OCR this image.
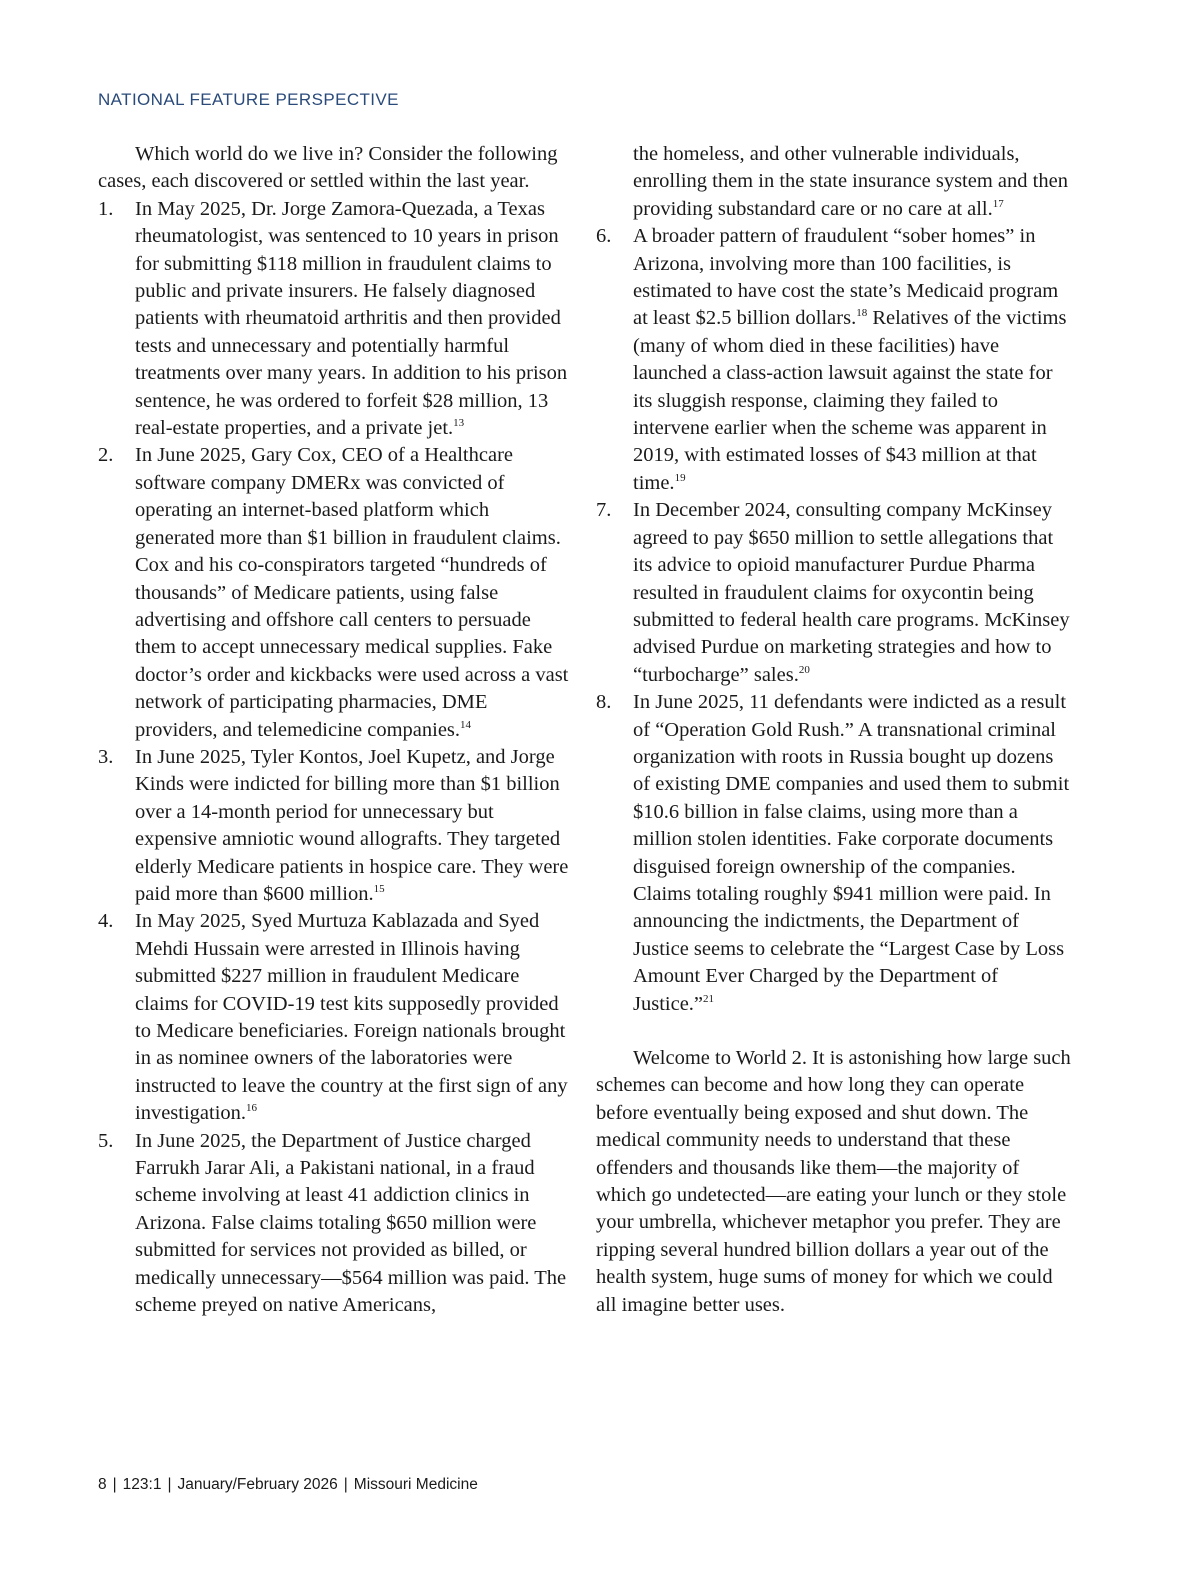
NATIONAL FEATURE PERSPECTIVE

Which world do we live in? Consider the following cases, each discovered or settled within the last year.

1.	In May 2025, Dr. Jorge Zamora-Quezada, a Texas rheumatologist, was sentenced to 10 years in prison for submitting $118 million in fraudulent claims to public and private insurers. He falsely diagnosed patients with rheumatoid arthritis and then provided tests and unnecessary and potentially harmful treatments over many years. In addition to his prison sentence, he was ordered to forfeit $28 million, 13 real-estate properties, and a private jet.$^{13}$
2.	In June 2025, Gary Cox, CEO of a Healthcare software company DMERx was convicted of operating an internet-based platform which generated more than $1 billion in fraudulent claims. Cox and his co-conspirators targeted “hundreds of thousands” of Medicare patients, using false advertising and offshore call centers to persuade them to accept unnecessary medical supplies. Fake doctor’s order and kickbacks were used across a vast network of participating pharmacies, DME providers, and telemedicine companies.$^{14}$
3.	In June 2025, Tyler Kontos, Joel Kupetz, and Jorge Kinds were indicted for billing more than $1 billion over a 14-month period for unnecessary but expensive amniotic wound allografts. They targeted elderly Medicare patients in hospice care. They were paid more than $600 million.$^{15}$
4.	In May 2025, Syed Murtuza Kablazada and Syed Mehdi Hussain were arrested in Illinois having submitted $227 million in fraudulent Medicare claims for COVID-19 test kits supposedly provided to Medicare beneficiaries. Foreign nationals brought in as nominee owners of the laboratories were instructed to leave the country at the first sign of any investigation.$^{16}$
5.	In June 2025, the Department of Justice charged Farrukh Jarar Ali, a Pakistani national, in a fraud scheme involving at least 41 addiction clinics in Arizona. False claims totaling $650 million were submitted for services not provided as billed, or medically unnecessary—$564 million was paid. The scheme preyed on native Americans,
the homeless, and other vulnerable individuals, enrolling them in the state insurance system and then providing substandard care or no care at all.$^{17}$
6.	A broader pattern of fraudulent “sober homes” in Arizona, involving more than 100 facilities, is estimated to have cost the state’s Medicaid program at least $2.5 billion dollars.$^{18}$ Relatives of the victims (many of whom died in these facilities) have launched a class-action lawsuit against the state for its sluggish response, claiming they failed to intervene earlier when the scheme was apparent in 2019, with estimated losses of $43 million at that time.$^{19}$
7.	In December 2024, consulting company McKinsey agreed to pay $650 million to settle allegations that its advice to opioid manufacturer Purdue Pharma resulted in fraudulent claims for oxycontin being submitted to federal health care programs. McKinsey advised Purdue on marketing strategies and how to “turbocharge” sales.$^{20}$
8.	In June 2025, 11 defendants were indicted as a result of “Operation Gold Rush.” A transnational criminal organization with roots in Russia bought up dozens of existing DME companies and used them to submit $10.6 billion in false claims, using more than a million stolen identities. Fake corporate documents disguised foreign ownership of the companies. Claims totaling roughly $941 million were paid. In announcing the indictments, the Department of Justice seems to celebrate the “Largest Case by Loss Amount Ever Charged by the Department of Justice.”$^{21}$

Welcome to World 2. It is astonishing how large such schemes can become and how long they can operate before eventually being exposed and shut down. The medical community needs to understand that these offenders and thousands like them—the majority of which go undetected—are eating your lunch or they stole your umbrella, whichever metaphor you prefer. They are ripping several hundred billion dollars a year out of the health system, huge sums of money for which we could all imagine better uses.

8 | 123:1 | January/February 2026 | Missouri Medicine
